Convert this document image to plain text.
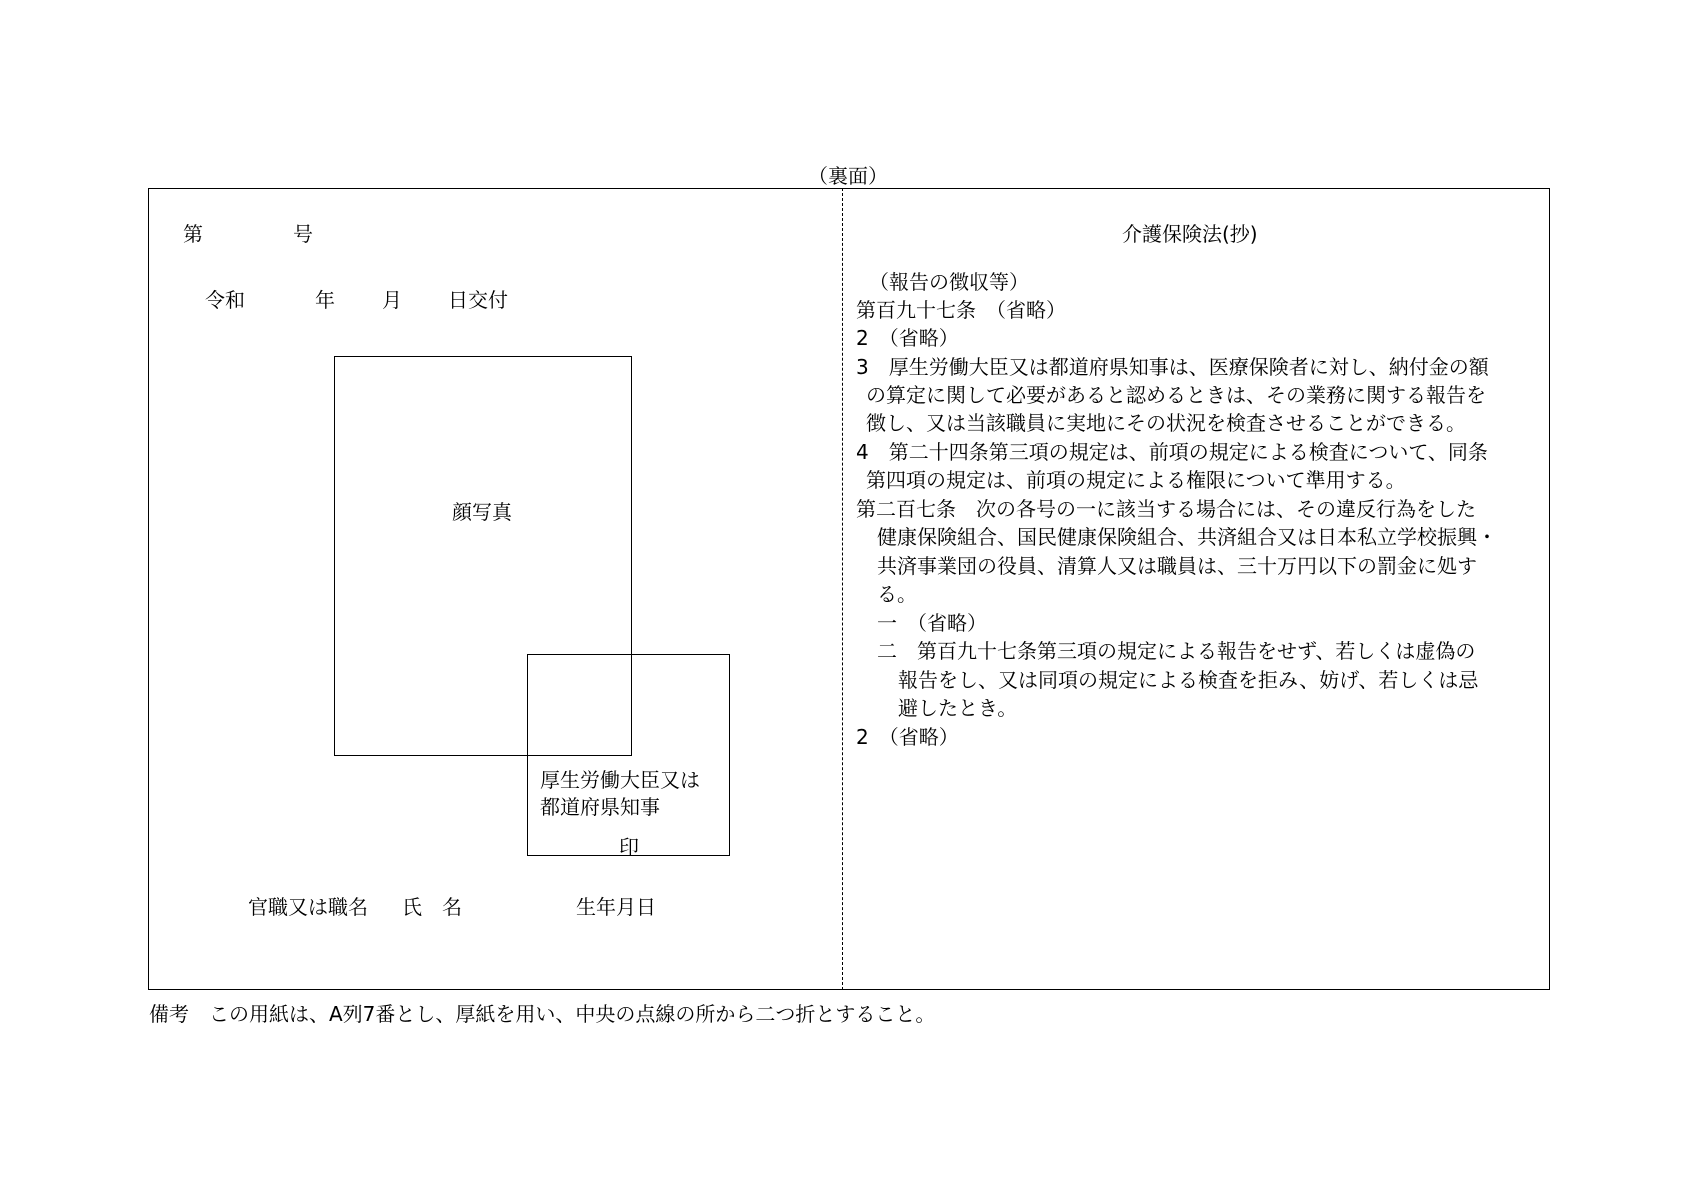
（裏面）
第	号
令和	年 月 日交付
顔写真
厚生労働大臣又は
都道府県知事
印
官職又は職名 氏　名	生年月日
介護保険法(抄)
（報告の徴収等）
第百九十七条　（省略）
2　（省略）
3　厚生労働大臣又は都道府県知事は、医療保険者に対し、納付金の額
の算定に関して必要があると認めるときは、その業務に関する報告を
徴し、又は当該職員に実地にその状況を検査させることができる。
4　第二十四条第三項の規定は、前項の規定による検査について、同条
第四項の規定は、前項の規定による権限について準用する。
第二百七条　次の各号の一に該当する場合には、その違反行為をした
健康保険組合、国民健康保険組合、共済組合又は日本私立学校振興・
共済事業団の役員、清算人又は職員は、三十万円以下の罰金に処す
る。
一　（省略）
二　第百九十七条第三項の規定による報告をせず、若しくは虚偽の
報告をし、又は同項の規定による検査を拒み、妨げ、若しくは忌
避したとき。
2　（省略）
備考　この用紙は、A列7番とし、厚紙を用い、中央の点線の所から二つ折とすること。
